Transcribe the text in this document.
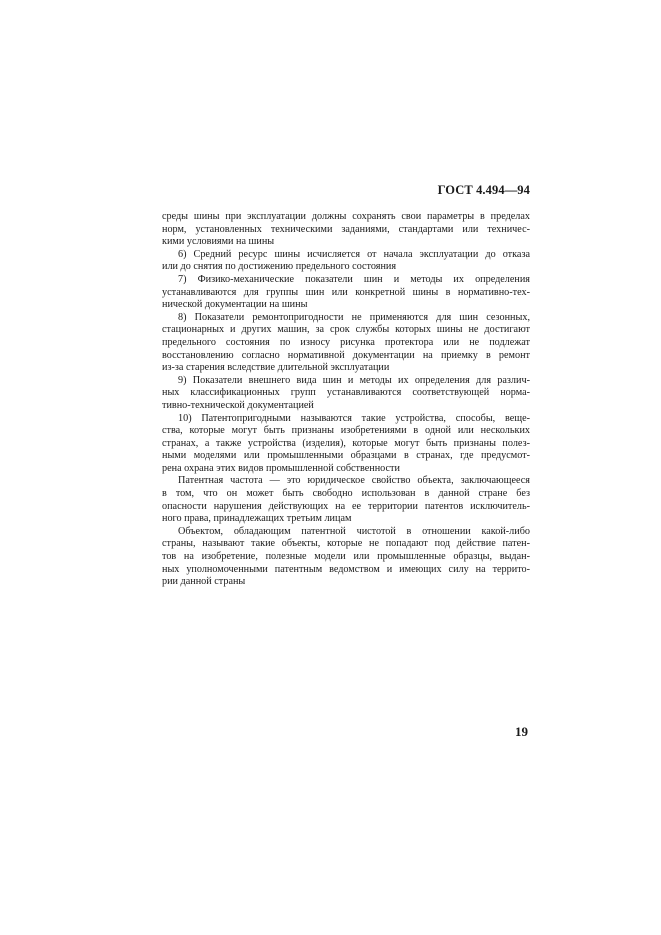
ГОСТ 4.494—94
среды шины при эксплуатации должны сохранять свои параметры в пределах
норм, установленных техническими заданиями, стандартами или техничес-
кими условиями на шины
6) Средний ресурс шины исчисляется от начала эксплуатации до отказа
или до снятия по достижению предельного состояния
7) Физико-механические показатели шин и методы их определения
устанавливаются для группы шин или конкретной шины в нормативно-тех-
нической документации на шины
8) Показатели ремонтопригодности не применяются для шин сезонных,
стационарных и других машин, за срок службы которых шины не достигают
предельного состояния по износу рисунка протектора или не подлежат
восстановлению согласно нормативной документации на приемку в ремонт
из-за старения вследствие длительной эксплуатации
9) Показатели внешнего вида шин и методы их определения для различ-
ных классификационных групп устанавливаются соответствующей норма-
тивно-технической документацией
10) Патентопригодными называются такие устройства, способы, веще-
ства, которые могут быть признаны изобретениями в одной или нескольких
странах, а также устройства (изделия), которые могут быть признаны полез-
ными моделями или промышленными образцами в странах, где предусмот-
рена охрана этих видов промышленной собственности
Патентная частота — это юридическое свойство объекта, заключающееся
в том, что он может быть свободно использован в данной стране без
опасности нарушения действующих на ее территории патентов исключитель-
ного права, принадлежащих третьим лицам
Объектом, обладающим патентной чистотой в отношении какой-либо
страны, называют такие объекты, которые не попадают под действие патен-
тов на изобретение, полезные модели или промышленные образцы, выдан-
ных уполномоченными патентным ведомством и имеющих силу на террито-
рии данной страны
19
